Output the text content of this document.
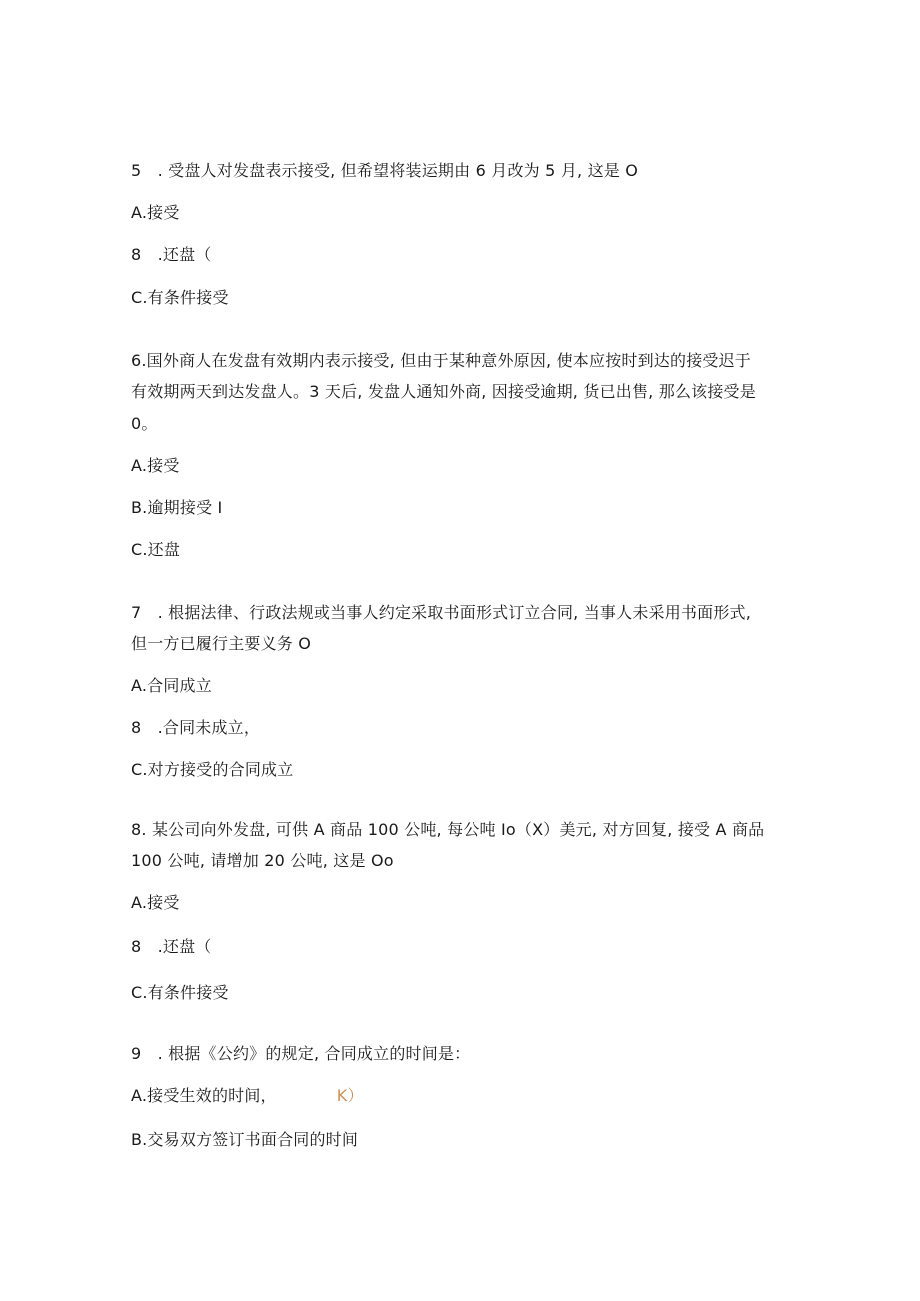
5　. 受盘人对发盘表示接受, 但希望将装运期由 6 月改为 5 月, 这是 O
A.接受
8　.还盘（
C.有条件接受
6.国外商人在发盘有效期内表示接受, 但由于某种意外原因, 使本应按时到达的接受迟于
有效期两天到达发盘人。3 天后, 发盘人通知外商, 因接受逾期, 货已出售, 那么该接受是
0。
A.接受
B.逾期接受 I
C.还盘
7　. 根据法律、行政法规或当事人约定采取书面形式订立合同, 当事人未采用书面形式,
但一方已履行主要义务 O
A.合同成立
8　.合同未成立，
C.对方接受的合同成立
8. 某公司向外发盘, 可供 A 商品 100 公吨, 每公吨 Io（X）美元, 对方回复, 接受 A 商品
100 公吨, 请增加 20 公吨, 这是 Oo
A.接受
8　.还盘（
C.有条件接受
9　. 根据《公约》的规定, 合同成立的时间是：
A.接受生效的时间，	K）
B.交易双方签订书面合同的时间
